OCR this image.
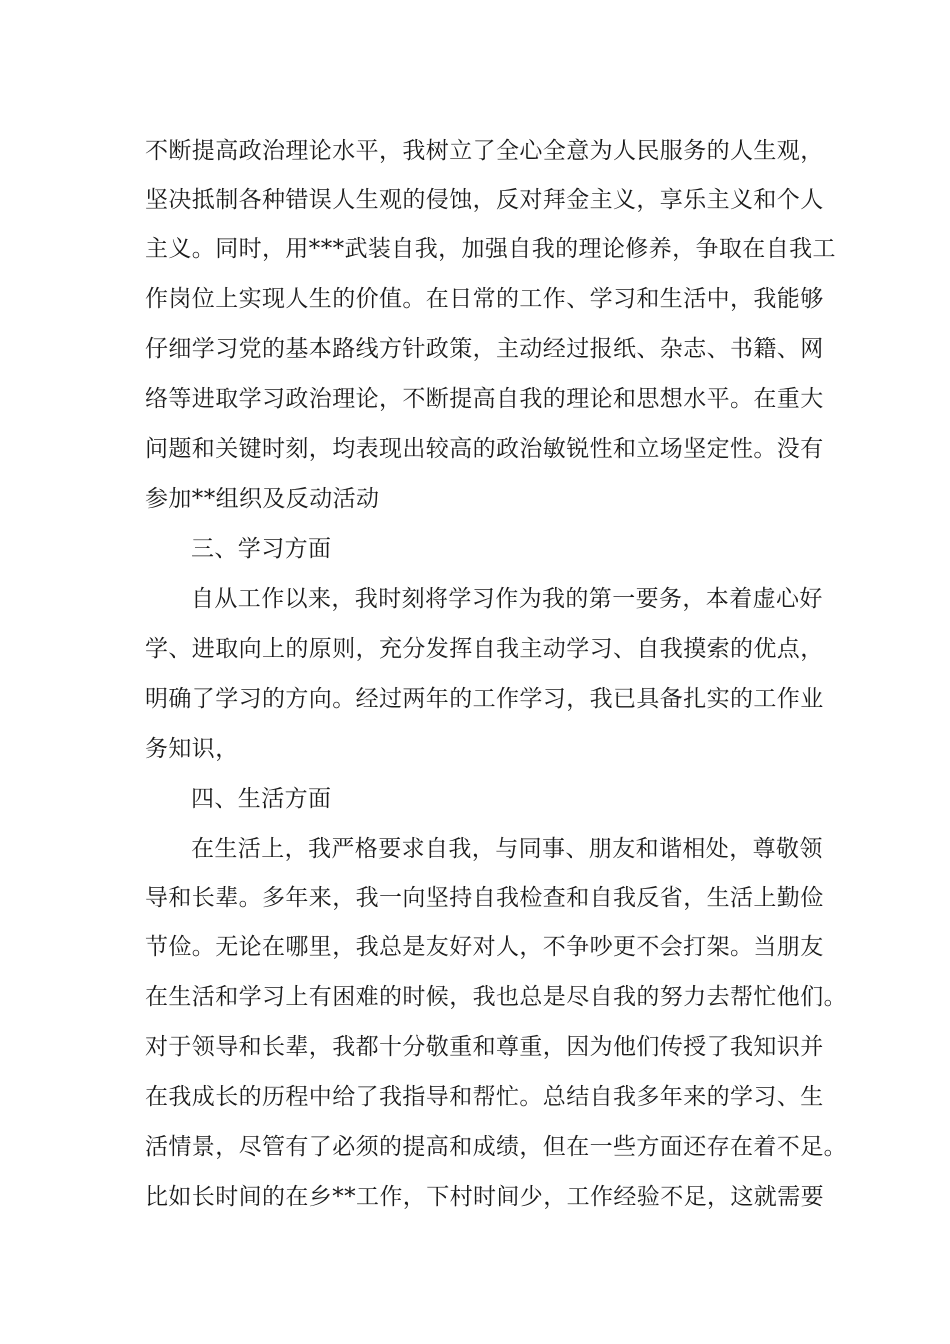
不断提高政治理论水平，我树立了全心全意为人民服务的人生观，
坚决抵制各种错误人生观的侵蚀，反对拜金主义，享乐主义和个人
主义。同时，用***武装自我，加强自我的理论修养，争取在自我工
作岗位上实现人生的价值。在日常的工作、学习和生活中，我能够
仔细学习党的基本路线方针政策，主动经过报纸、杂志、书籍、网
络等进取学习政治理论，不断提高自我的理论和思想水平。在重大
问题和关键时刻，均表现出较高的政治敏锐性和立场坚定性。没有
参加**组织及反动活动
三、学习方面
自从工作以来，我时刻将学习作为我的第一要务，本着虚心好
学、进取向上的原则，充分发挥自我主动学习、自我摸索的优点，
明确了学习的方向。经过两年的工作学习，我已具备扎实的工作业
务知识，
四、生活方面
在生活上，我严格要求自我，与同事、朋友和谐相处，尊敬领
导和长辈。多年来，我一向坚持自我检查和自我反省，生活上勤俭
节俭。无论在哪里，我总是友好对人，不争吵更不会打架。当朋友
在生活和学习上有困难的时候，我也总是尽自我的努力去帮忙他们。
对于领导和长辈，我都十分敬重和尊重，因为他们传授了我知识并
在我成长的历程中给了我指导和帮忙。总结自我多年来的学习、生
活情景，尽管有了必须的提高和成绩，但在一些方面还存在着不足。
比如长时间的在乡**工作，下村时间少，工作经验不足，这就需要
